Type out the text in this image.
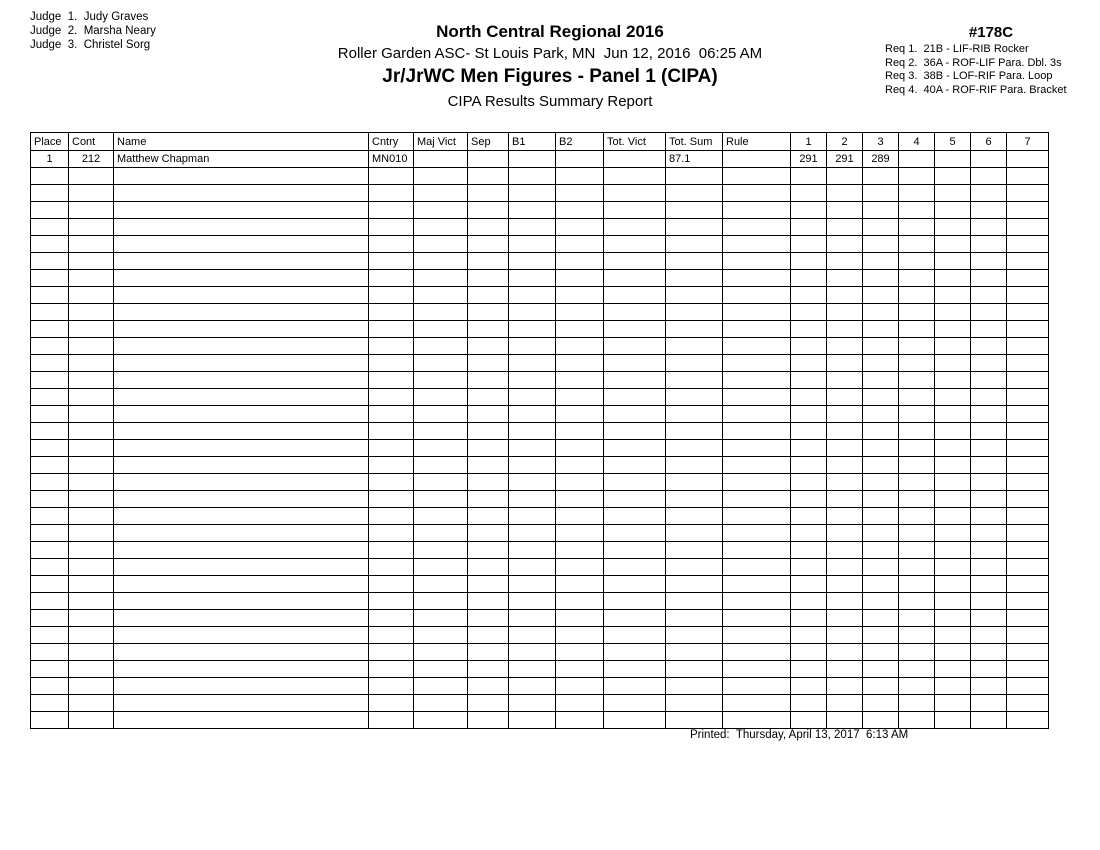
Judge  1.  Judy Graves
Judge  2.  Marsha Neary
Judge  3.  Christel Sorg
North Central Regional 2016
Roller Garden ASC- St Louis Park, MN  Jun 12, 2016  06:25 AM
Jr/JrWC Men Figures - Panel 1 (CIPA)
CIPA Results Summary Report
#178C
Req 1.  21B - LIF-RIB Rocker
Req 2.  36A - ROF-LIF Para. Dbl. 3s
Req 3.  38B - LOF-RIF Para. Loop
Req 4.  40A - ROF-RIF Para. Bracket
Place	Cont	Name	Cntry	Maj Vict	Sep	B1	B2	Tot. Vict	Tot. Sum	Rule	1	2	3	4	5	6	7
1	212	Matthew Chapman	MN010						87.1		291	291	289				

Printed:  Thursday, April 13, 2017  6:13 AM
